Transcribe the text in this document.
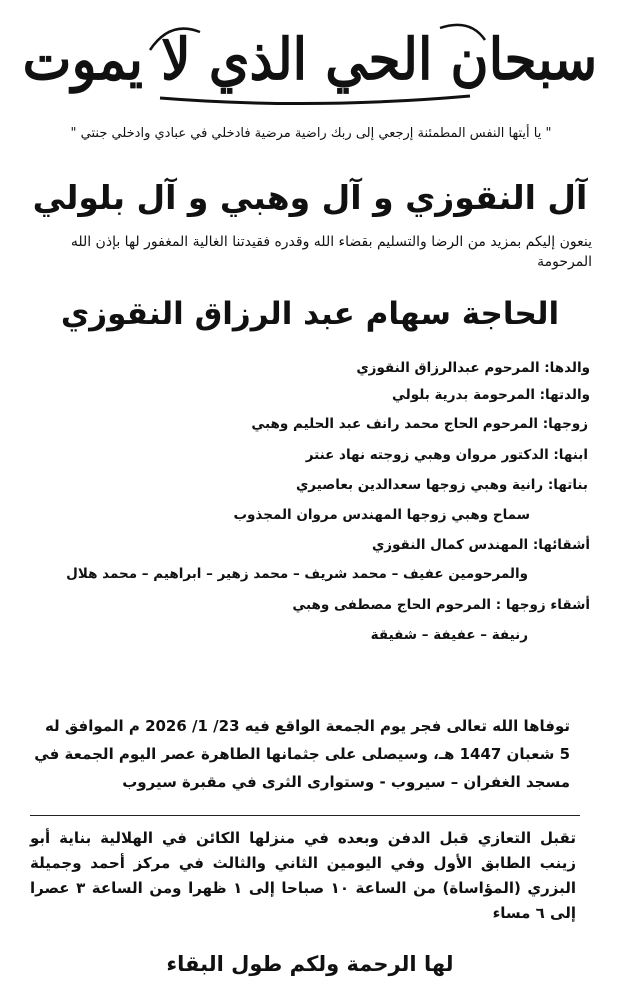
سبحان الحي الذي لا يموت
" يا أيتها النفس المطمئنة إرجعي إلى ربك راضية مرضية فادخلي في عبادي وادخلي جنتي "
آل النقوزي و آل وهبي و آل بلولي
ينعون إليكم بمزيد من الرضا والتسليم بقضاء الله وقدره فقيدتنا الغالية المغفور لها بإذن الله المرحومة
الحاجة سهام عبد الرزاق النقوزي
والدها: المرحوم عبدالرزاق النقوزي
والدتها: المرحومة بدرية بلولي
زوجها: المرحوم الحاج محمد رانف عبد الحليم وهبي
ابنها: الدكتور مروان وهبي زوجته نهاد عنتر
بناتها: رانية وهبي زوجها سعدالدين بعاصيري
سماح وهبي زوجها المهندس مروان المجذوب
أشقائها: المهندس كمال النقوزي
والمرحومين عفيف – محمد شريف – محمد زهير – ابراهيم – محمد هلال
أشقاء زوجها : المرحوم الحاج مصطفى وهبي
رنيفة – عفيفة – شفيقة
توفاها الله تعالى فجر يوم الجمعة الواقع فيه 23/ 1/ 2026 م الموافق له 5 شعبان 1447 هـ، وسيصلى على جثمانها الطاهرة عصر اليوم الجمعة في مسجد الغفران – سيروب - وستوارى الثرى في مقبرة سيروب
تقبل التعازي قبل الدفن وبعده في منزلها الكائن في الهلالية بناية أبو زينب الطابق الأول وفي اليومين الثاني والثالث في مركز أحمد وجميلة البزري (المؤاساة) من الساعة ١٠ صباحا إلى ١ ظهرا ومن الساعة ٣ عصرا إلى ٦ مساء
لها الرحمة ولكم طول البقاء
